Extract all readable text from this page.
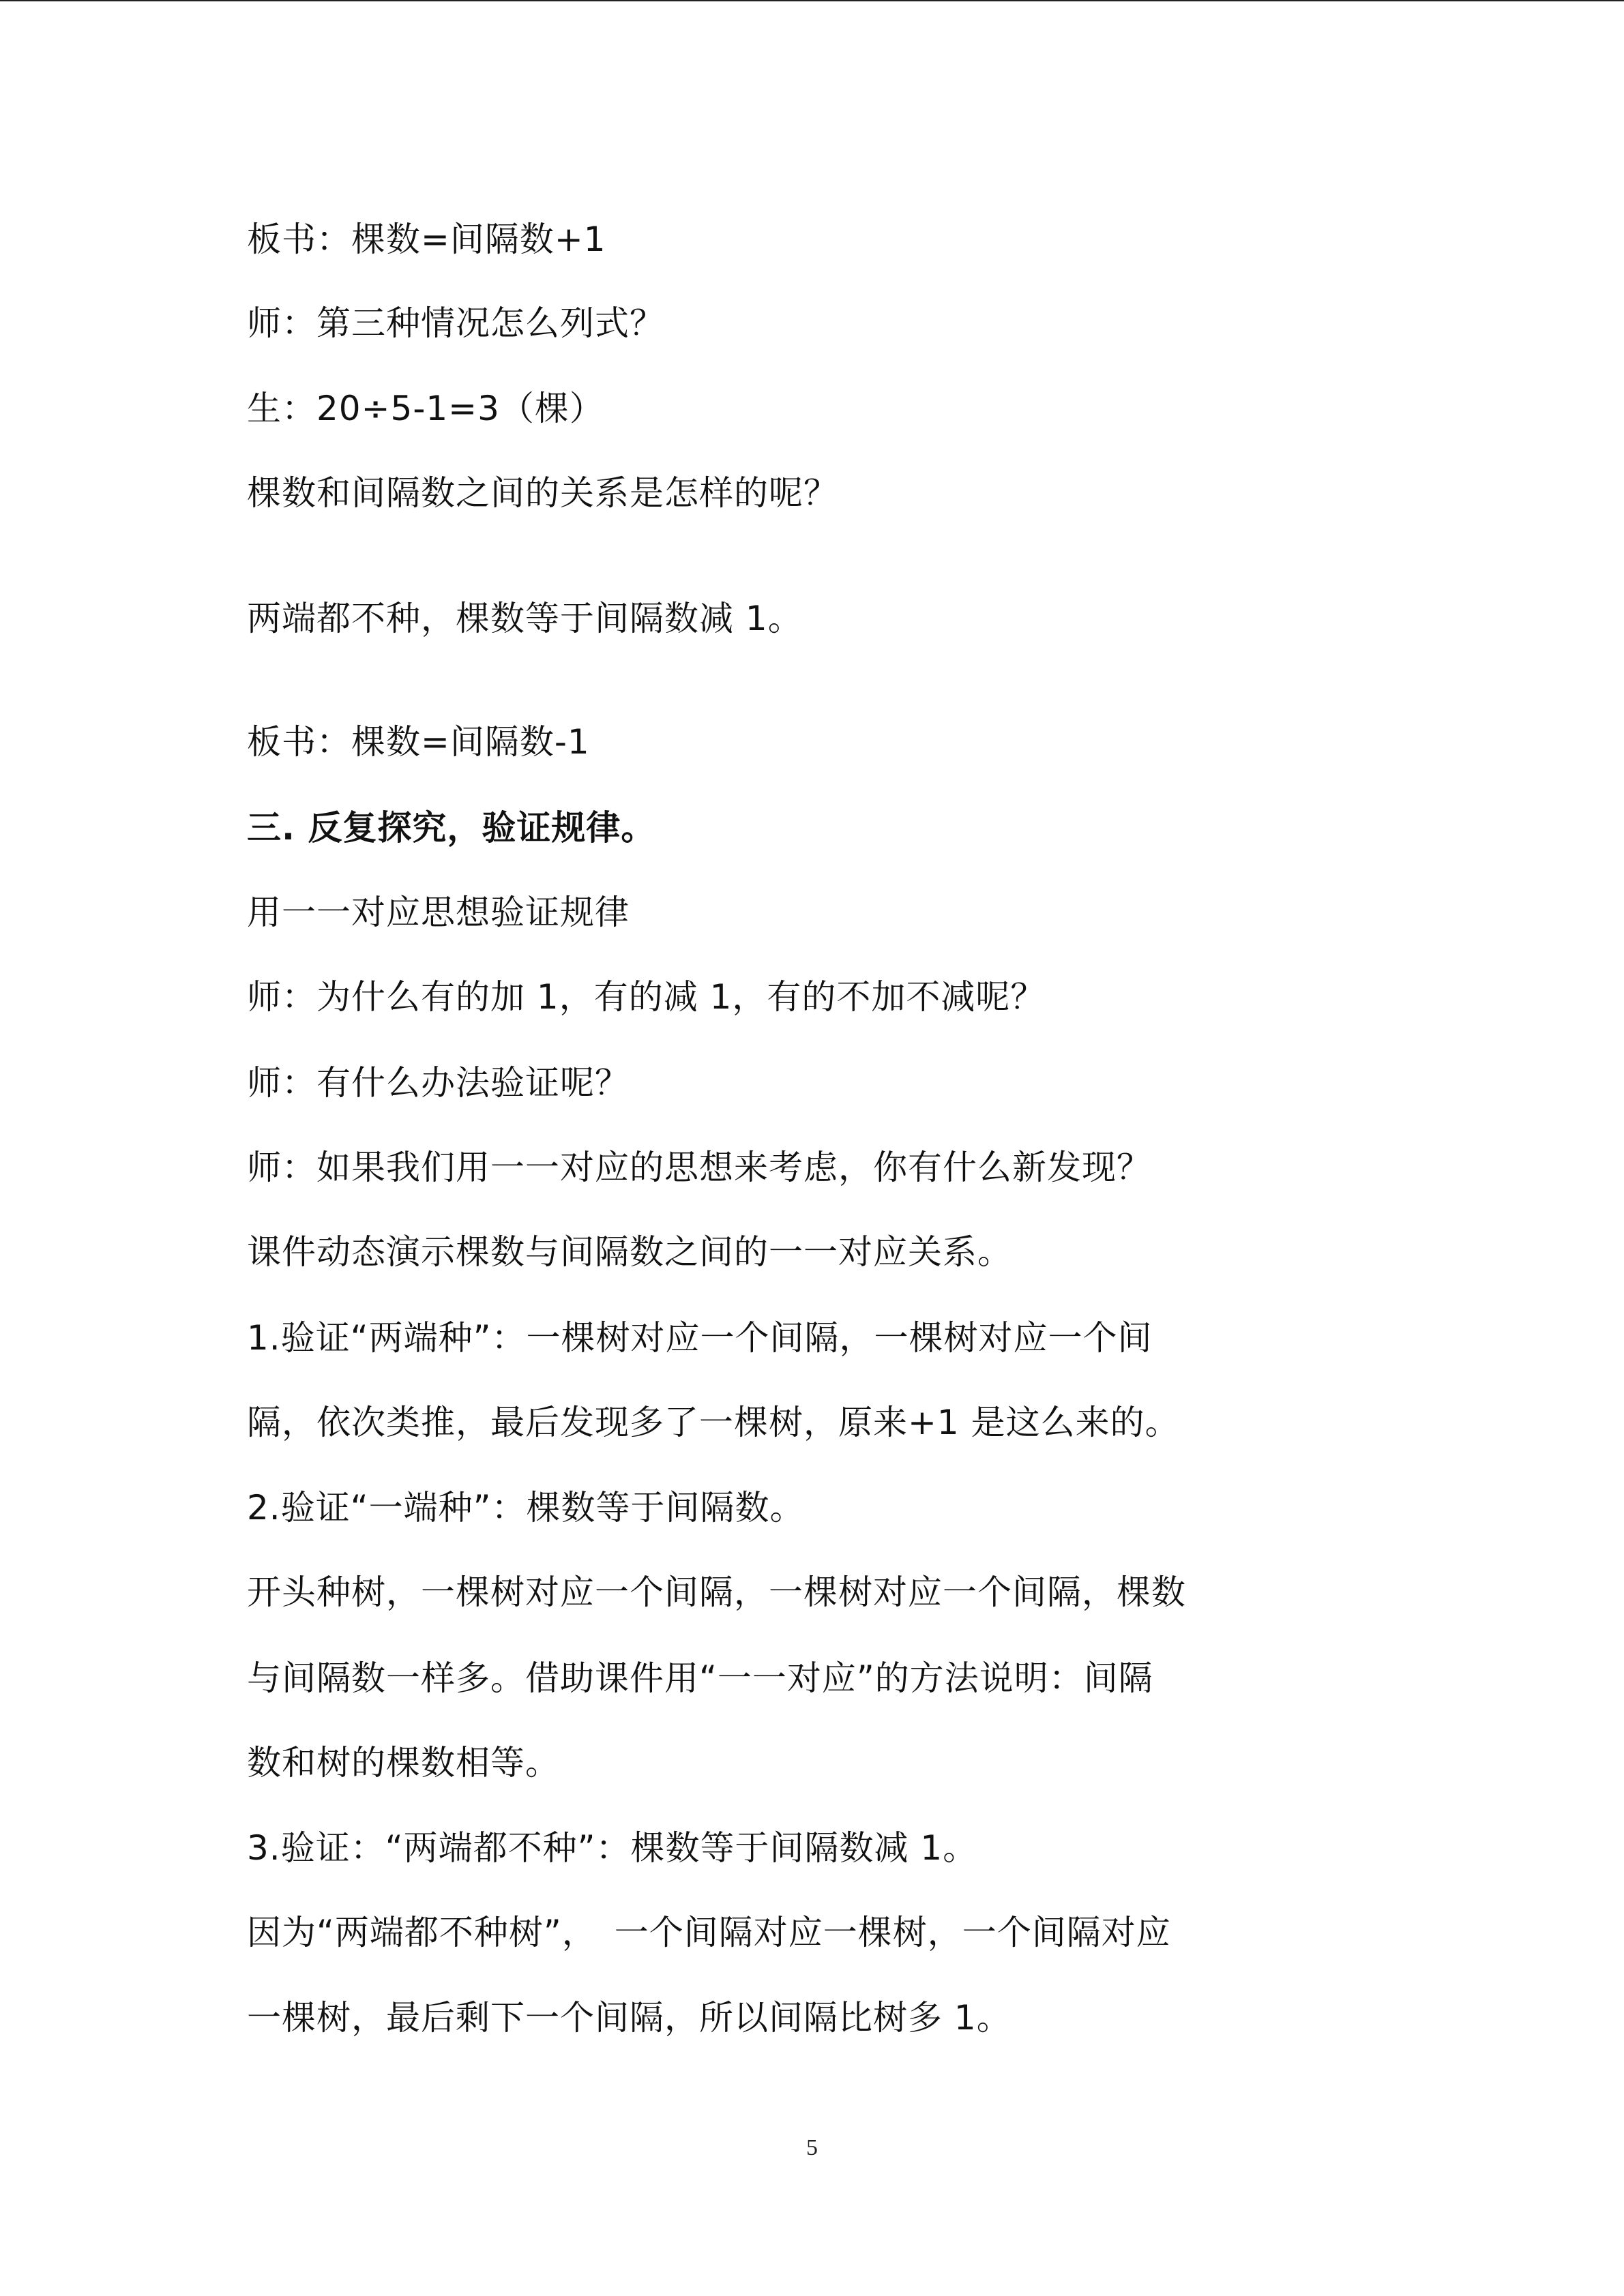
板书：棵数=间隔数+1
师：第三种情况怎么列式？
生：20÷5-1=3（棵）
棵数和间隔数之间的关系是怎样的呢？
两端都不种，棵数等于间隔数减 1。
板书：棵数=间隔数-1
三. 反复探究，验证规律。
用一一对应思想验证规律
师：为什么有的加 1，有的减 1，有的不加不减呢？
师：有什么办法验证呢？
师：如果我们用一一对应的思想来考虑，你有什么新发现？
课件动态演示棵数与间隔数之间的一一对应关系。
1.验证“两端种”：一棵树对应一个间隔，一棵树对应一个间
隔，依次类推，最后发现多了一棵树，原来+1 是这么来的。
2.验证“一端种”：棵数等于间隔数。
开头种树，一棵树对应一个间隔，一棵树对应一个间隔，棵数
与间隔数一样多。借助课件用“一一对应”的方法说明：间隔
数和树的棵数相等。
3.验证：“两端都不种”：棵数等于间隔数减 1。
因为“两端都不种树”，　一个间隔对应一棵树，一个间隔对应
一棵树，最后剩下一个间隔，所以间隔比树多 1。
5
